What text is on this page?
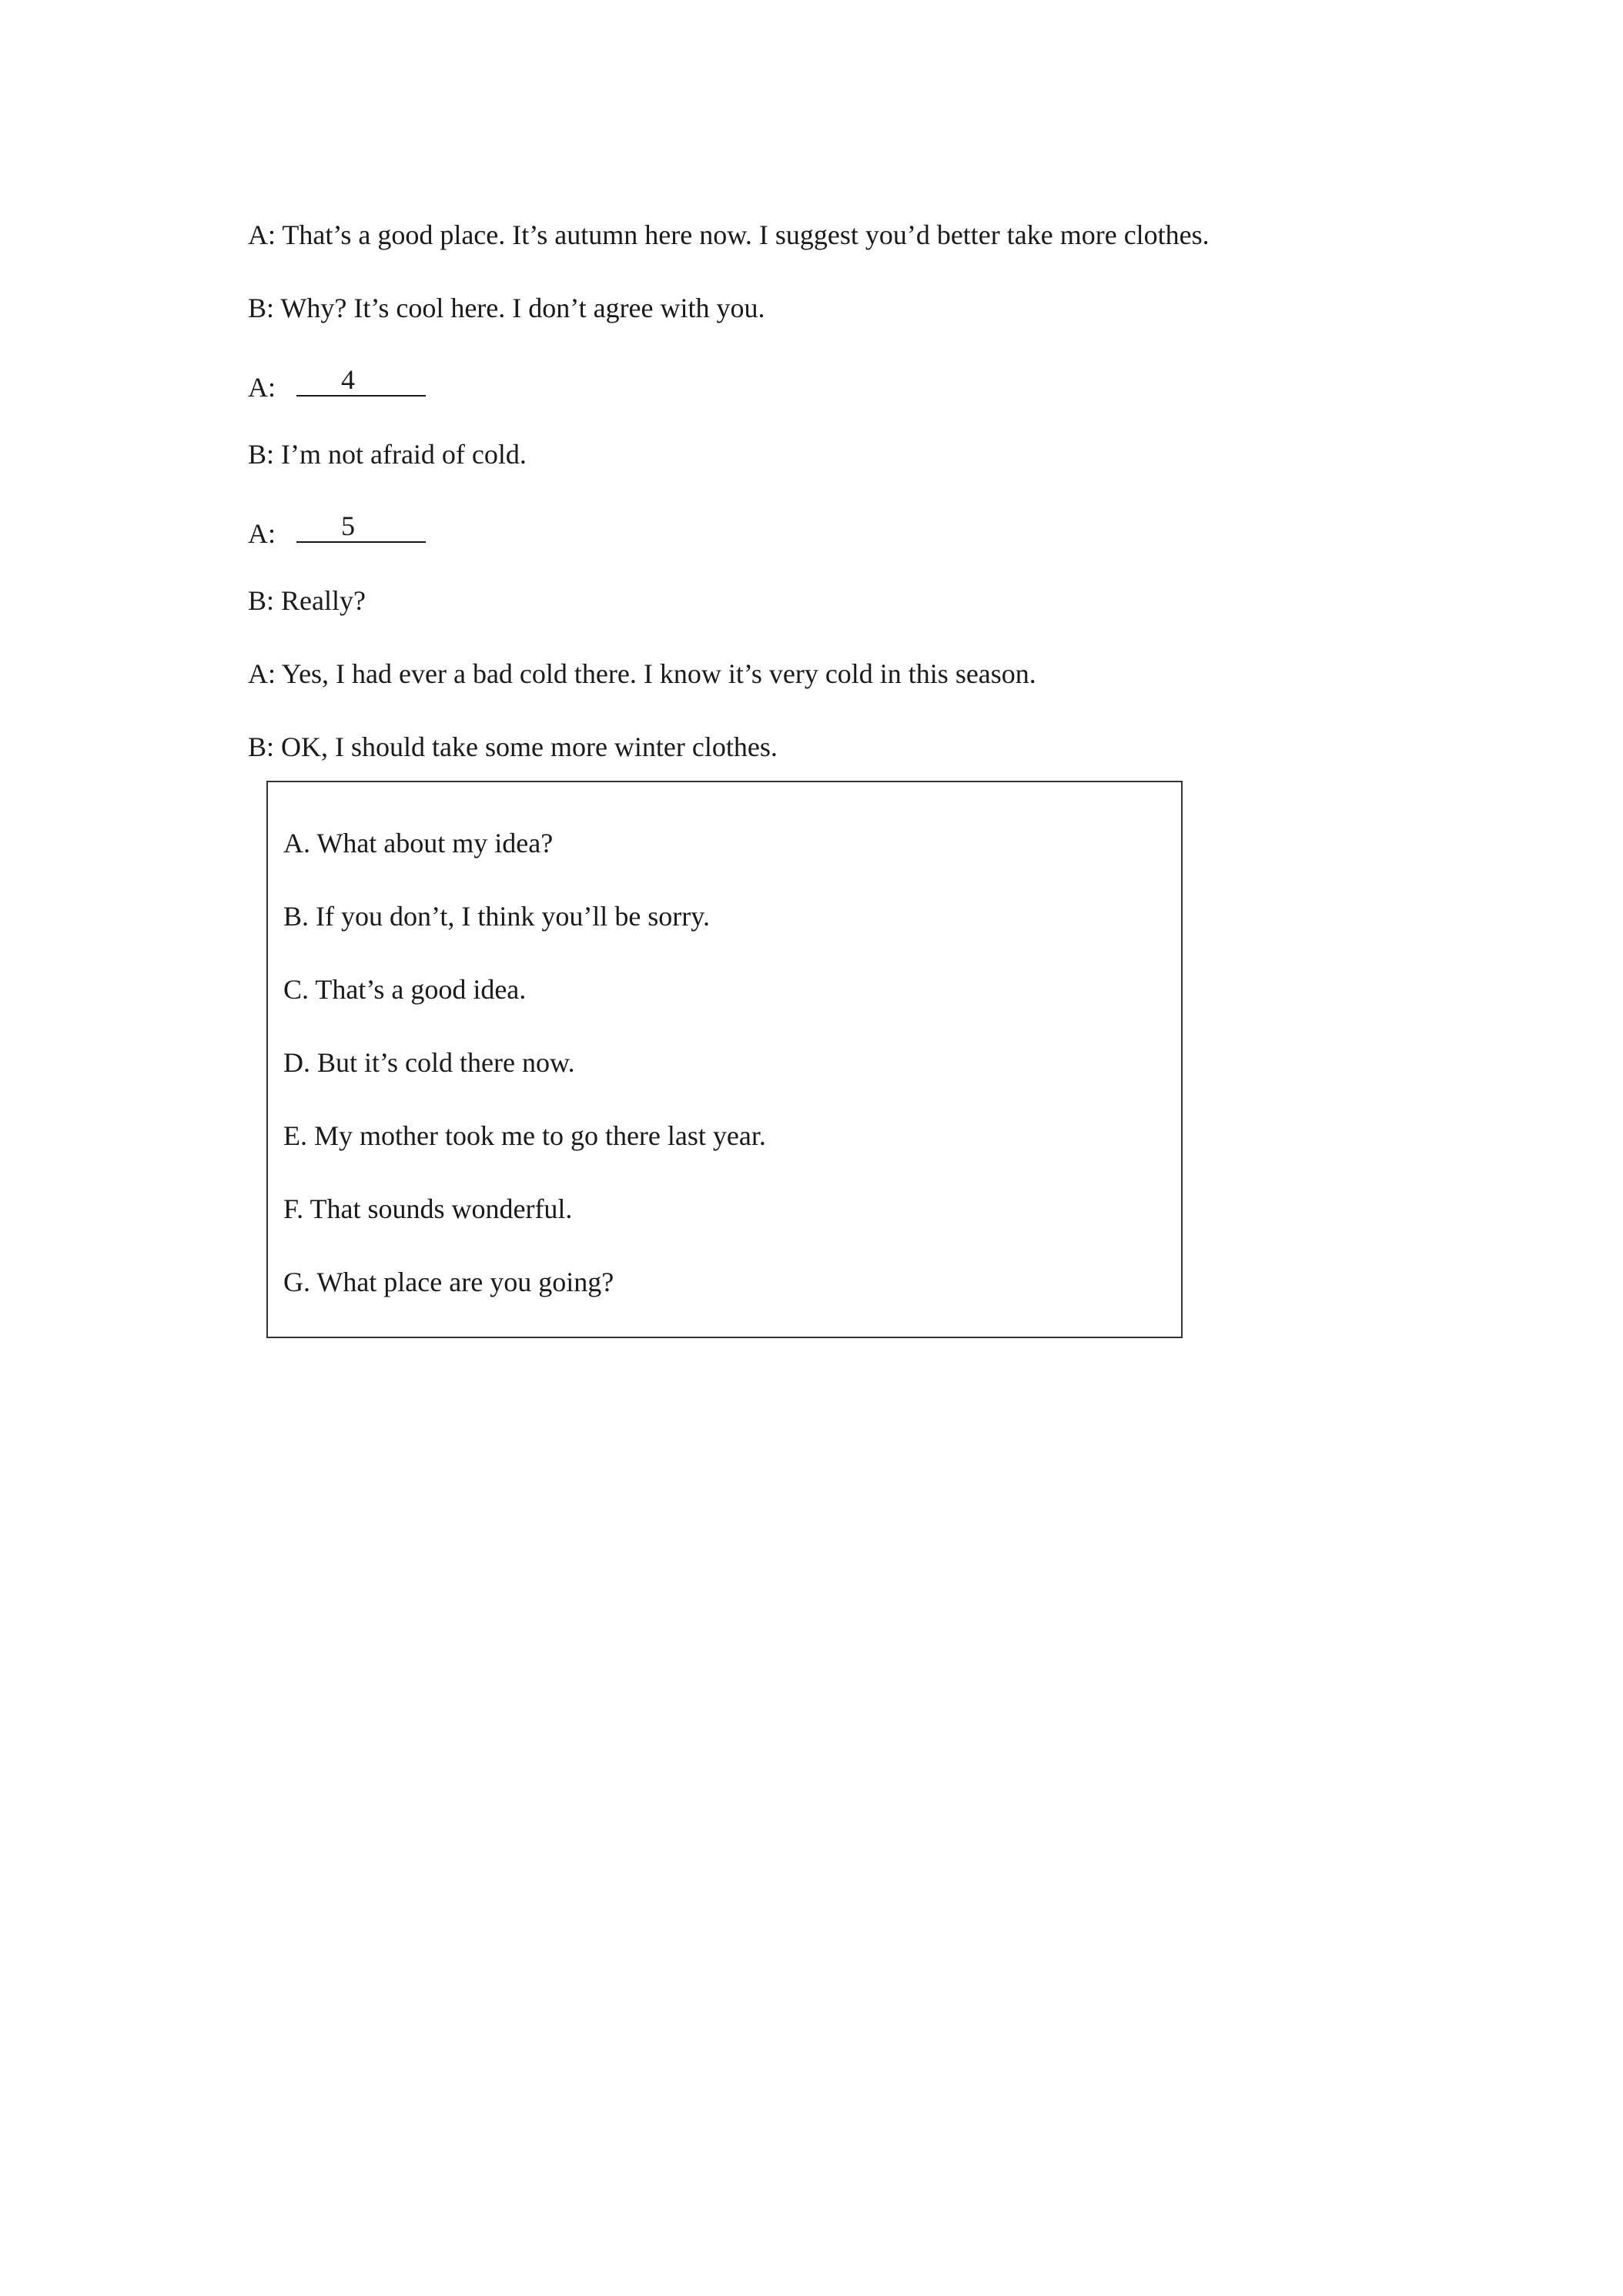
A: That’s a good place. It’s autumn here now. I suggest you’d better take more clothes.
B: Why? It’s cool here. I don’t agree with you.
A: 4
B: I’m not afraid of cold.
A: 5
B: Really?
A: Yes, I had ever a bad cold there. I know it’s very cold in this season.
B: OK, I should take some more winter clothes.
A. What about my idea?
B. If you don’t, I think you’ll be sorry.
C. That’s a good idea.
D. But it’s cold there now.
E. My mother took me to go there last year.
F. That sounds wonderful.
G. What place are you going?
